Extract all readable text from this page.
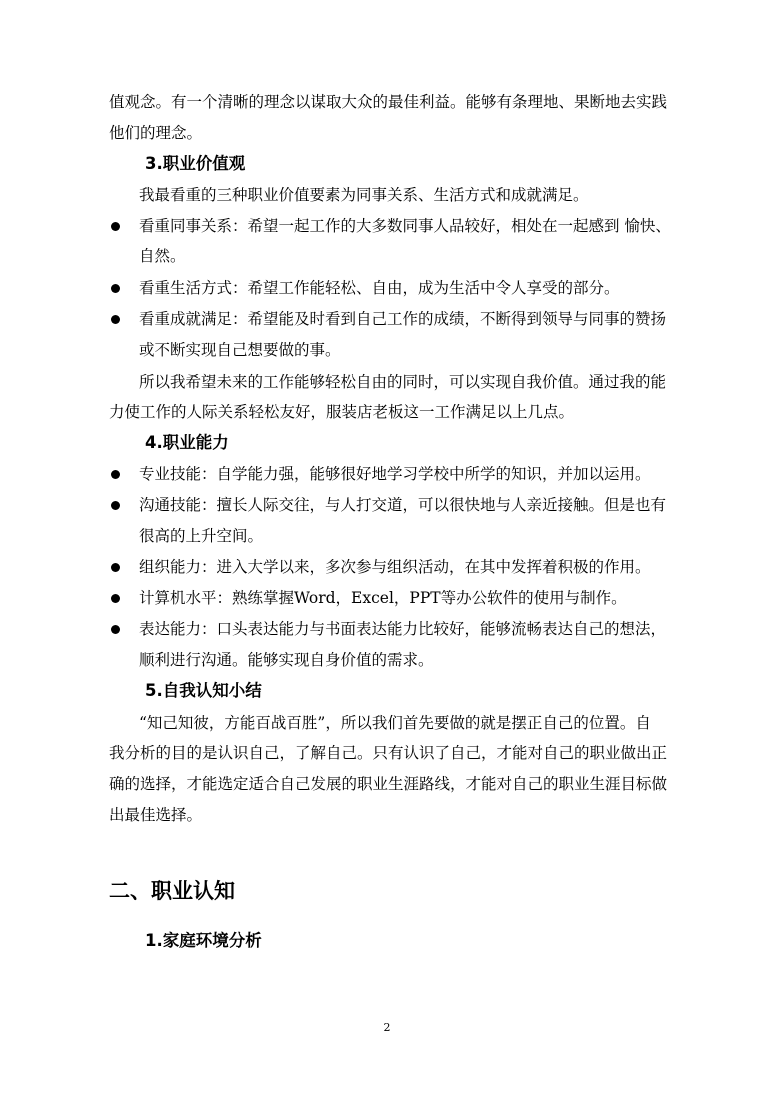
值观念。有一个清晰的理念以谋取大众的最佳利益。能够有条理地、果断地去实践
他们的理念。
3.职业价值观
我最看重的三种职业价值要素为同事关系、生活方式和成就满足。
看重同事关系：希望一起工作的大多数同事人品较好，相处在一起感到 愉快、
自然。
看重生活方式：希望工作能轻松、自由，成为生活中令人享受的部分。
看重成就满足：希望能及时看到自己工作的成绩，不断得到领导与同事的赞扬
或不断实现自己想要做的事。
所以我希望未来的工作能够轻松自由的同时，可以实现自我价值。通过我的能
力使工作的人际关系轻松友好，服装店老板这一工作满足以上几点。
4.职业能力
专业技能：自学能力强，能够很好地学习学校中所学的知识，并加以运用。
沟通技能：擅长人际交往，与人打交道，可以很快地与人亲近接触。但是也有
很高的上升空间。
组织能力：进入大学以来，多次参与组织活动，在其中发挥着积极的作用。
计算机水平：熟练掌握Word，Excel，PPT等办公软件的使用与制作。
表达能力：口头表达能力与书面表达能力比较好，能够流畅表达自己的想法，
顺利进行沟通。能够实现自身价值的需求。
5.自我认知小结
“知己知彼，方能百战百胜”，所以我们首先要做的就是摆正自己的位置。自
我分析的目的是认识自己，了解自己。只有认识了自己，才能对自己的职业做出正
确的选择，才能选定适合自己发展的职业生涯路线，才能对自己的职业生涯目标做
出最佳选择。
二、职业认知
1.家庭环境分析
2
